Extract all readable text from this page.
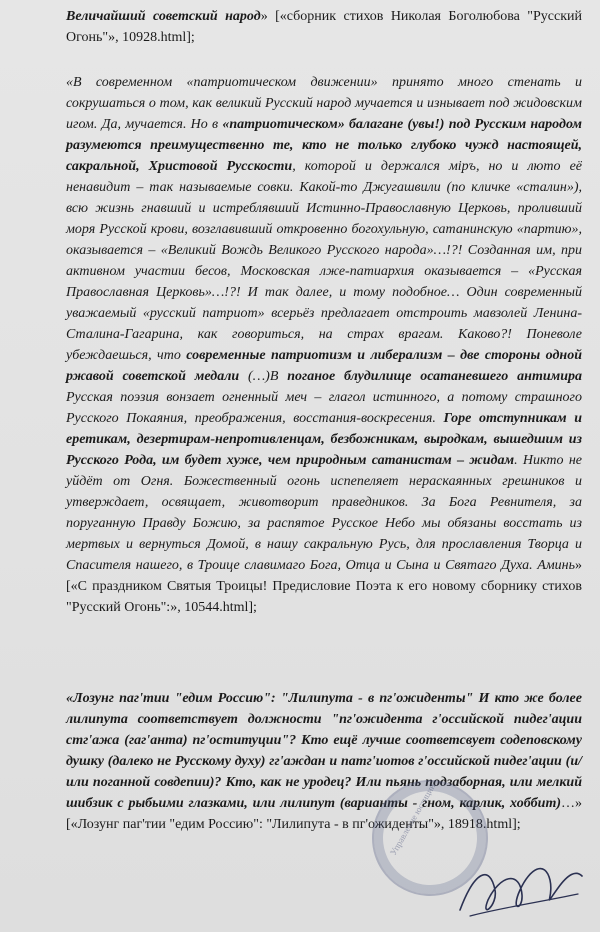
Величайший советский народ» [«сборник стихов Николая Боголюбова "Русский Огонь"», 10928.html];

«В современном «патриотическом движении» принято много стенать и сокрушаться о том, как великий Русский народ мучается и изнывает под жидовским игом. Да, мучается. Но в «патриотическом» балагане (увы!) под Русским народом разумеются преимущественно те, кто не только глубоко чужд настоящей, сакральной, Христовой Русскости, которой и держался міръ, но и люто её ненавидит – так называемые совки. Какой-то Джугашвили (по кличке «сталин»), всю жизнь гнавший и истреблявший Истинно-Православную Церковь, проливший моря Русской крови, возглавивший откровенно богохульную, сатанинскую «партию», оказывается – «Великий Вождь Великого Русского народа»…!?! Созданная им, при активном участии бесов, Московская лже-патиархия оказывается – «Русская Православная Церковь»…!?! И так далее, и тому подобное… Один современный уважаемый «русский патриот» всерьёз предлагает отстроить мавзолей Ленина-Сталина-Гагарина, как говориться, на страх врагам. Каково?! Поневоле убеждаешься, что современные патриотизм и либерализм – две стороны одной ржавой советской медали (…)В поганое блудилище осатаневшего антимира Русская поэзия вонзает огненный меч – глагол истинного, а потому страшного Русского Покаяния, преображения, восстания-воскресения. Горе отступникам и еретикам, дезертирам-непротивленцам, безбожникам, выродкам, вышедшим из Русского Рода, им будет хуже, чем природным сатанистам – жидам. Никто не уйдёт от Огня. Божественный огонь испепеляет нераскаянных грешников и утверждает, освящает, животворит праведников. За Бога Ревнителя, за поруганную Правду Божию, за распятое Русское Небо мы обязаны восстать из мертвых и вернуться Домой, в нашу сакральную Русь, для прославления Творца и Спасителя нашего, в Троице славимаго Бога, Отца и Сына и Святаго Духа. Аминь» [«С праздником Святыя Троицы! Предисловие Поэта к его новому сборнику стихов "Русский Огонь":», 10544.html];

«Лозунг паг'тии "едим Россию": "Лилипута - в пг'ожиденты" И кто же более лилипута соответствует должности "пг'ожидента г'оссийской пидег'ации стг'ажа (гаг'анта) пг'оституции"? Кто ещё лучше соответсвует содеповскому душку (далеко не Русскому духу) гг'аждан и патг'иотов г'оссийской пидег'ации (и/или поганной совдепии)? Кто, как не уродец? Или пьянь подзаборная, или мелкий шибзик с рыбьими глазками, или лилипут (варианты - гном, карлик, хоббит)…» [«Лозунг паг'тии "едим Россию": "Лилипута - в пг'ожиденты"», 18918.html];

Управление юстиции
